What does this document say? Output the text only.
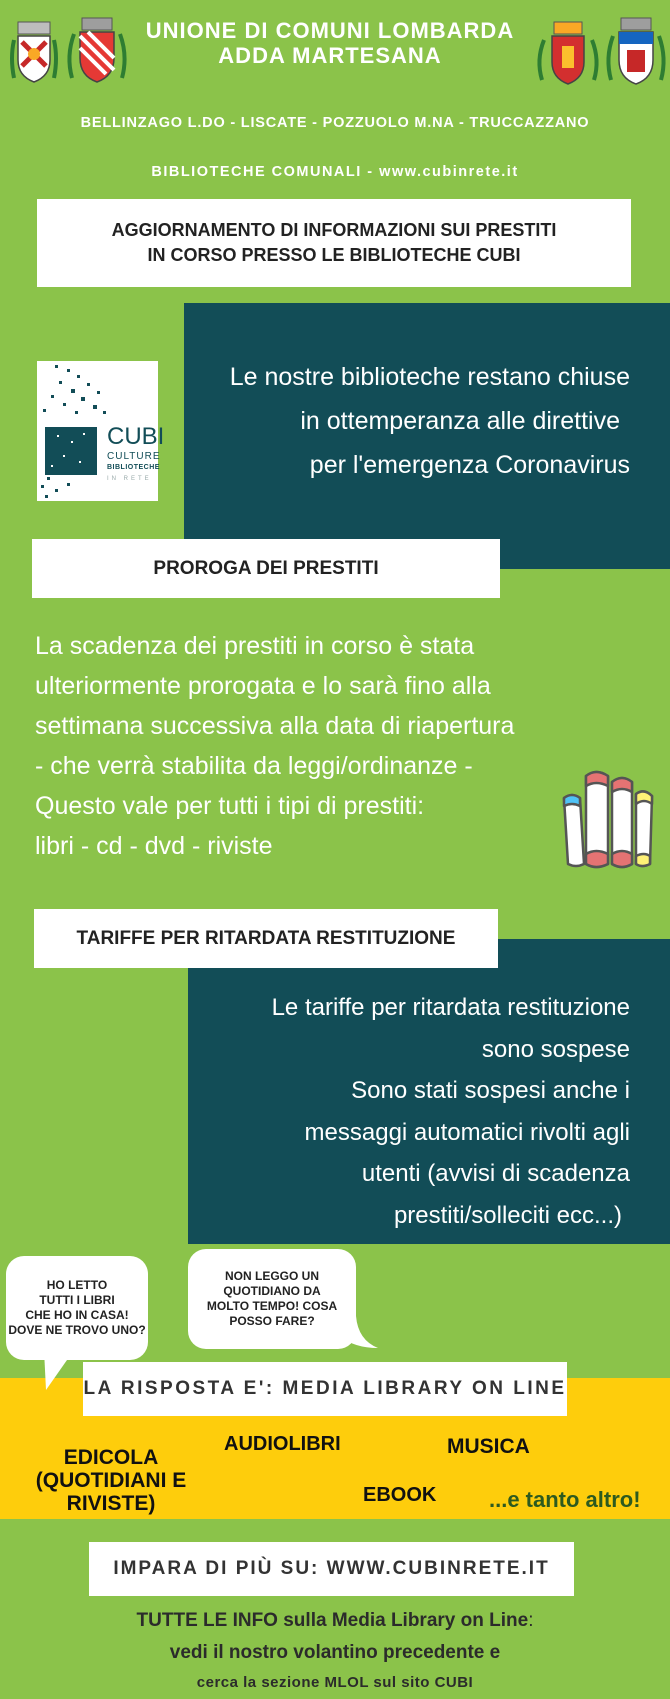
UNIONE DI COMUNI LOMBARDA
ADDA MARTESANA
BELLINZAGO L.DO - LISCATE - POZZUOLO M.NA - TRUCCAZZANO
BIBLIOTECHE COMUNALI - www.cubinrete.it
AGGIORNAMENTO DI INFORMAZIONI SUI PRESTITI
IN CORSO PRESSO LE BIBLIOTECHE CUBI
Le nostre biblioteche restano chiuse
in ottemperanza alle direttive
per l'emergenza Coronavirus
CUBI
CULTURE
BIBLIOTECHE
IN RETE
PROROGA DEI PRESTITI
La scadenza dei prestiti in corso è stata
ulteriormente prorogata e lo sarà fino alla
settimana successiva alla data di riapertura
- che verrà stabilita da leggi/ordinanze -
Questo vale per tutti i tipi di prestiti:
libri - cd - dvd - riviste
Le tariffe per ritardata restituzione
sono sospese
Sono stati sospesi anche i
messaggi automatici rivolti agli
utenti (avvisi di scadenza
prestiti/solleciti ecc...)
TARIFFE PER RITARDATA RESTITUZIONE
HO LETTO
TUTTI I LIBRI
CHE HO IN CASA!
DOVE NE TROVO UNO?
NON LEGGO UN
QUOTIDIANO DA
MOLTO TEMPO! COSA
POSSO FARE?
LA RISPOSTA E': MEDIA LIBRARY ON LINE
EDICOLA
(QUOTIDIANI E RIVISTE)
AUDIOLIBRI	MUSICA
EBOOK ...e tanto altro!
IMPARA DI PIÙ SU: WWW.CUBINRETE.IT
TUTTE LE INFO sulla Media Library on Line:
vedi il nostro volantino precedente e
cerca la sezione MLOL sul sito CUBI
